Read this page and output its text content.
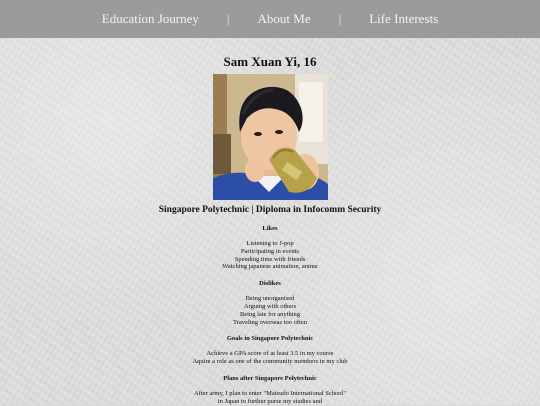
Education Journey | About Me | Life Interests
Sam Xuan Yi, 16
Singapore Polytechnic | Diploma in Infocomm Security
Likes
Listening to J-pop
Participating in events
Spending time with friends
Watching japanese animation, anime
Dislikes
Being unorganised
Arguing with others
Being late for anything
Traveling overseas too often
Goals in Singapore Polytechnic
Achieve a GPA score of at least 3.5 in my course
Aquire a role as one of the community members in my club
Plans after Singapore Polytechnic
After army, I plan to enter "Matsudo International School"
in Japan to furthur purse my studies and
